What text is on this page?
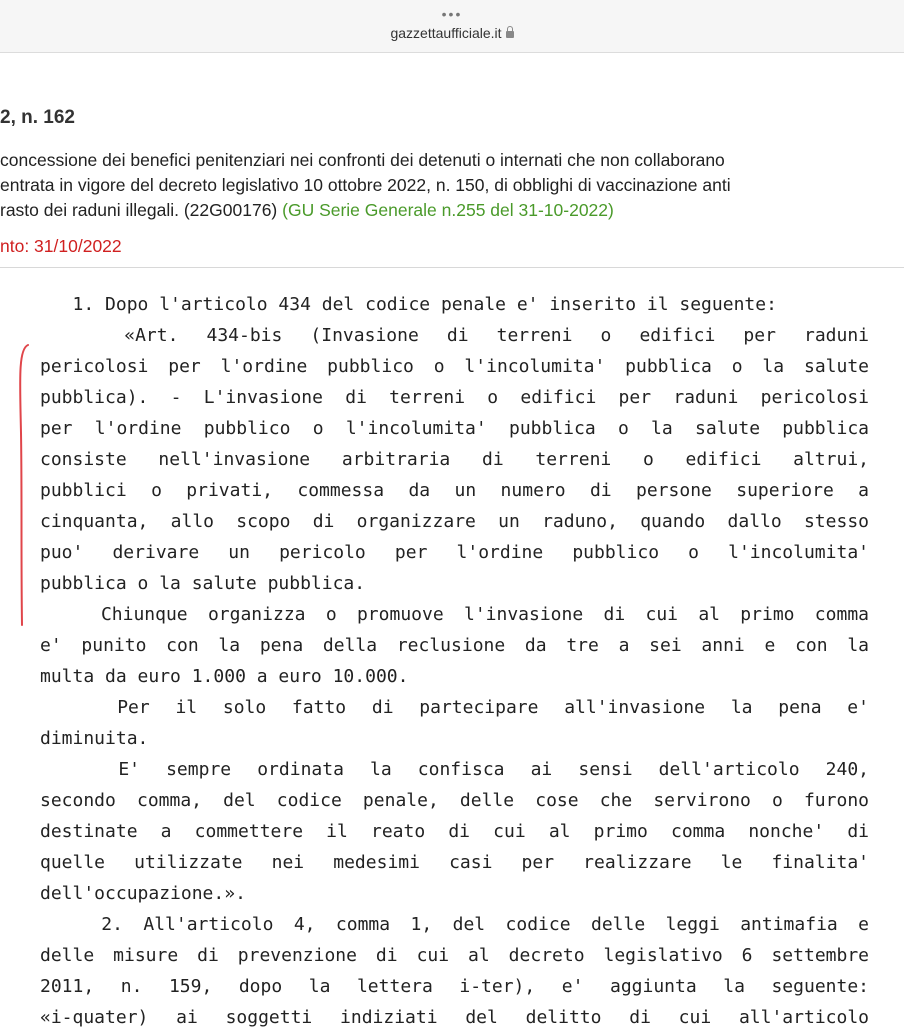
•••
gazzettaufficiale.it
2, n. 162
concessione dei benefici penitenziari nei confronti dei detenuti o internati che non collaborano
entrata in vigore del decreto legislativo 10 ottobre 2022, n. 150, di obblighi di vaccinazione anti
rasto dei raduni illegali. (22G00176) (GU Serie Generale n.255 del 31-10-2022)
nto: 31/10/2022
1. Dopo l'articolo 434 del codice penale e' inserito il seguente:
«Art. 434-bis (Invasione di terreni o edifici per raduni
pericolosi per l'ordine pubblico o l'incolumita' pubblica o la salute
pubblica). - L'invasione di terreni o edifici per raduni pericolosi
per l'ordine pubblico o l'incolumita' pubblica o la salute pubblica
consiste nell'invasione arbitraria di terreni o edifici altrui,
pubblici o privati, commessa da un numero di persone superiore a
cinquanta, allo scopo di organizzare un raduno, quando dallo stesso
puo' derivare un pericolo per l'ordine pubblico o l'incolumita'
pubblica o la salute pubblica.
Chiunque organizza o promuove l'invasione di cui al primo comma
e' punito con la pena della reclusione da tre a sei anni e con la
multa da euro 1.000 a euro 10.000.
Per il solo fatto di partecipare all'invasione la pena e'
diminuita.
E' sempre ordinata la confisca ai sensi dell'articolo 240,
secondo comma, del codice penale, delle cose che servirono o furono
destinate a commettere il reato di cui al primo comma nonche' di
quelle utilizzate nei medesimi casi per realizzare le finalita'
dell'occupazione.».
2. All'articolo 4, comma 1, del codice delle leggi antimafia e
delle misure di prevenzione di cui al decreto legislativo 6 settembre
2011, n. 159, dopo la lettera i-ter), e' aggiunta la seguente:
«i-quater) ai soggetti indiziati del delitto di cui all'articolo
